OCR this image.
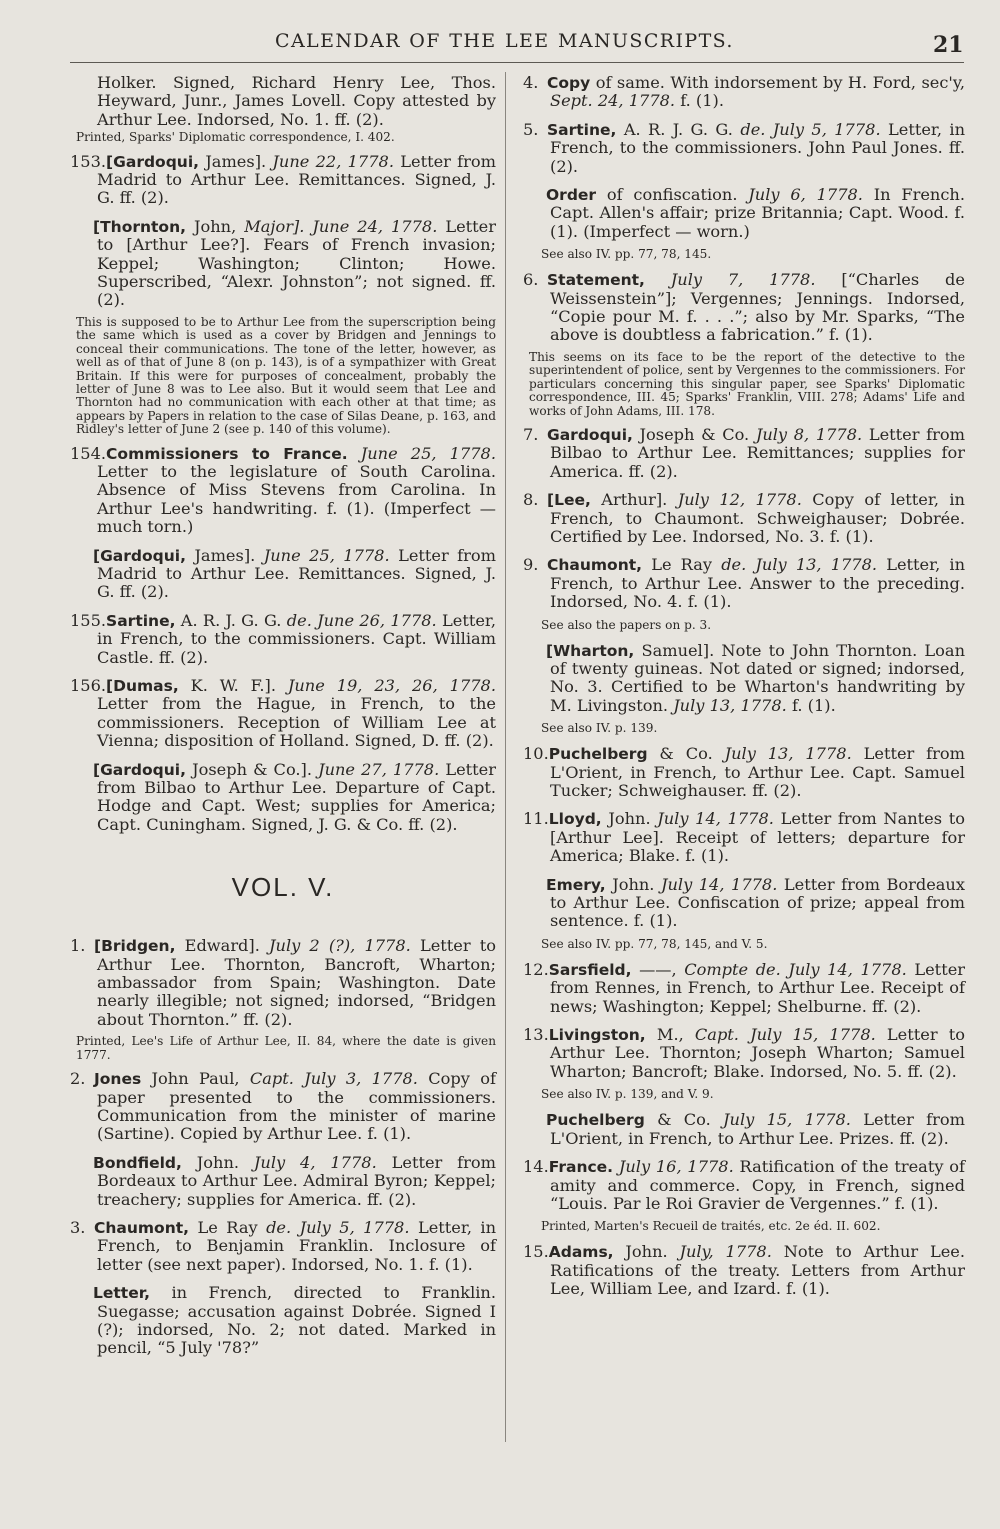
CALENDAR OF THE LEE MANUSCRIPTS.	21
Holker. Signed, Richard Henry Lee, Thos. Heyward, Junr., James Lovell. Copy attested by Arthur Lee. Indorsed, No. 1. ff. (2).
Printed, Sparks' Diplomatic correspondence, I. 402.
153.[Gardoqui, James]. June 22, 1778. Letter from Madrid to Arthur Lee. Remittances. Signed, J. G. ff. (2).
[Thornton, John, Major]. June 24, 1778. Letter to [Arthur Lee?]. Fears of French invasion; Keppel; Washington; Clinton; Howe. Superscribed, “Alexr. Johnston”; not signed. ff. (2).
This is supposed to be to Arthur Lee from the superscription being the same which is used as a cover by Bridgen and Jennings to conceal their communications. The tone of the letter, however, as well as of that of June 8 (on p. 143), is of a sympathizer with Great Britain. If this were for purposes of concealment, probably the letter of June 8 was to Lee also. But it would seem that Lee and Thornton had no communication with each other at that time; as appears by Papers in relation to the case of Silas Deane, p. 163, and Ridley's letter of June 2 (see p. 140 of this volume).
154.Commissioners to France. June 25, 1778. Letter to the legislature of South Carolina. Absence of Miss Stevens from Carolina. In Arthur Lee's handwriting. f. (1). (Imperfect — much torn.)
[Gardoqui, James]. June 25, 1778. Letter from Madrid to Arthur Lee. Remittances. Signed, J. G. ff. (2).
155.Sartine, A. R. J. G. G. de. June 26, 1778. Letter, in French, to the commissioners. Capt. William Castle. ff. (2).
156.[Dumas, K. W. F.]. June 19, 23, 26, 1778. Letter from the Hague, in French, to the commissioners. Reception of William Lee at Vienna; disposition of Holland. Signed, D. ff. (2).
[Gardoqui, Joseph & Co.]. June 27, 1778. Letter from Bilbao to Arthur Lee. Departure of Capt. Hodge and Capt. West; supplies for America; Capt. Cuningham. Signed, J. G. & Co. ff. (2).
VOL. V.
1. [Bridgen, Edward]. July 2 (?), 1778. Letter to Arthur Lee. Thornton, Bancroft, Wharton; ambassador from Spain; Washington. Date nearly illegible; not signed; indorsed, “Bridgen about Thornton.” ff. (2).
Printed, Lee's Life of Arthur Lee, II. 84, where the date is given 1777.
2. Jones John Paul, Capt. July 3, 1778. Copy of paper presented to the commissioners. Communication from the minister of marine (Sartine). Copied by Arthur Lee. f. (1).
Bondfield, John. July 4, 1778. Letter from Bordeaux to Arthur Lee. Admiral Byron; Keppel; treachery; supplies for America. ff. (2).
3. Chaumont, Le Ray de. July 5, 1778. Letter, in French, to Benjamin Franklin. Inclosure of letter (see next paper). Indorsed, No. 1. f. (1).
Letter, in French, directed to Franklin. Suegasse; accusation against Dobrée. Signed I (?); indorsed, No. 2; not dated. Marked in pencil, “5 July '78?”
4. Copy of same. With indorsement by H. Ford, sec'y, Sept. 24, 1778. f. (1).
5. Sartine, A. R. J. G. G. de. July 5, 1778. Letter, in French, to the commissioners. John Paul Jones. ff. (2).
Order of confiscation. July 6, 1778. In French. Capt. Allen's affair; prize Britannia; Capt. Wood. f. (1). (Imperfect — worn.)
See also IV. pp. 77, 78, 145.
6. Statement, July 7, 1778. [“Charles de Weissenstein”]; Vergennes; Jennings. Indorsed, “Copie pour M. f. . . .”; also by Mr. Sparks, “The above is doubtless a fabrication.” f. (1).
This seems on its face to be the report of the detective to the superintendent of police, sent by Vergennes to the commissioners. For particulars concerning this singular paper, see Sparks' Diplomatic correspondence, III. 45; Sparks' Franklin, VIII. 278; Adams' Life and works of John Adams, III. 178.
7. Gardoqui, Joseph & Co. July 8, 1778. Letter from Bilbao to Arthur Lee. Remittances; supplies for America. ff. (2).
8. [Lee, Arthur]. July 12, 1778. Copy of letter, in French, to Chaumont. Schweighauser; Dobrée. Certified by Lee. Indorsed, No. 3. f. (1).
9. Chaumont, Le Ray de. July 13, 1778. Letter, in French, to Arthur Lee. Answer to the preceding. Indorsed, No. 4. f. (1).
See also the papers on p. 3.
[Wharton, Samuel]. Note to John Thornton. Loan of twenty guineas. Not dated or signed; indorsed, No. 3. Certified to be Wharton's handwriting by M. Livingston. July 13, 1778. f. (1).
See also IV. p. 139.
10.Puchelberg & Co. July 13, 1778. Letter from L'Orient, in French, to Arthur Lee. Capt. Samuel Tucker; Schweighauser. ff. (2).
11.Lloyd, John. July 14, 1778. Letter from Nantes to [Arthur Lee]. Receipt of letters; departure for America; Blake. f. (1).
Emery, John. July 14, 1778. Letter from Bordeaux to Arthur Lee. Confiscation of prize; appeal from sentence. f. (1).
See also IV. pp. 77, 78, 145, and V. 5.
12.Sarsfield, ——, Compte de. July 14, 1778. Letter from Rennes, in French, to Arthur Lee. Receipt of news; Washington; Keppel; Shelburne. ff. (2).
13.Livingston, M., Capt. July 15, 1778. Letter to Arthur Lee. Thornton; Joseph Wharton; Samuel Wharton; Bancroft; Blake. Indorsed, No. 5. ff. (2).
See also IV. p. 139, and V. 9.
Puchelberg & Co. July 15, 1778. Letter from L'Orient, in French, to Arthur Lee. Prizes. ff. (2).
14.France. July 16, 1778. Ratification of the treaty of amity and commerce. Copy, in French, signed “Louis. Par le Roi Gravier de Vergennes.” f. (1).
Printed, Marten's Recueil de traités, etc. 2e éd. II. 602.
15.Adams, John. July, 1778. Note to Arthur Lee. Ratifications of the treaty. Letters from Arthur Lee, William Lee, and Izard. f. (1).
